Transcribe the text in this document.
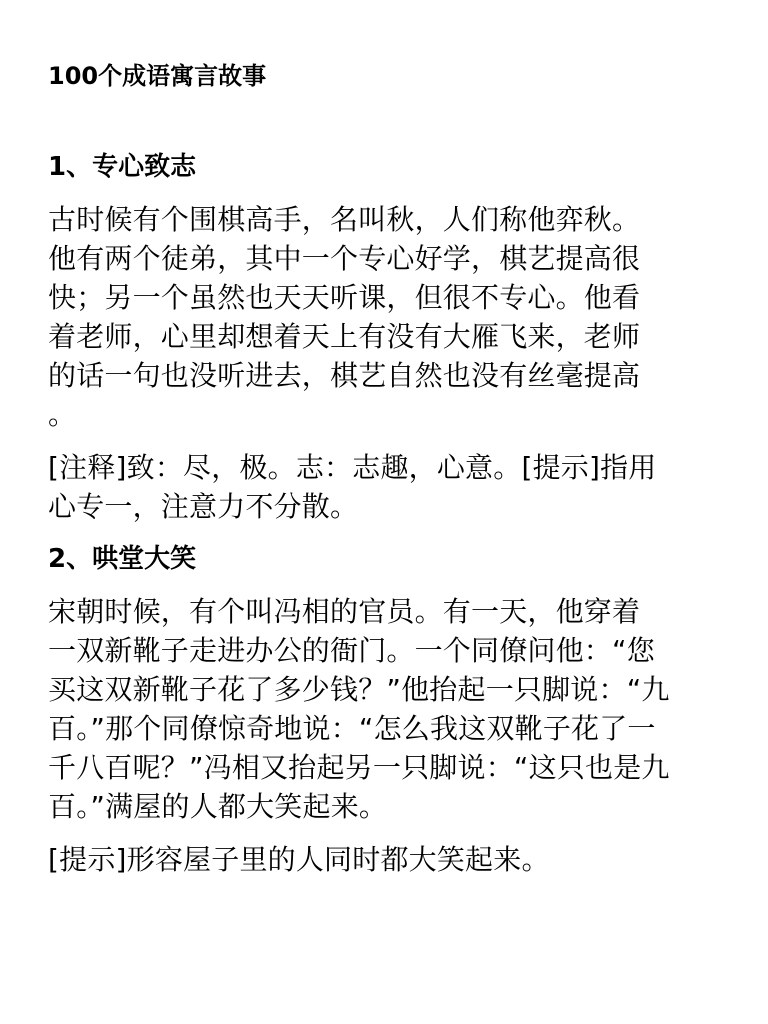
100个成语寓言故事
1、专心致志
古时候有个围棋高手，名叫秋，人们称他弈秋。
他有两个徒弟，其中一个专心好学，棋艺提高很
快；另一个虽然也天天听课，但很不专心。他看
着老师，心里却想着天上有没有大雁飞来，老师
的话一句也没听进去，棋艺自然也没有丝毫提高
。
[注释]致：尽，极。志：志趣，心意。[提示]指用
心专一，注意力不分散。
2、哄堂大笑
宋朝时候，有个叫冯相的官员。有一天，他穿着
一双新靴子走进办公的衙门。一个同僚问他：“您
买这双新靴子花了多少钱？”他抬起一只脚说：“九
百。”那个同僚惊奇地说：“怎么我这双靴子花了一
千八百呢？”冯相又抬起另一只脚说：“这只也是九
百。”满屋的人都大笑起来。
[提示]形容屋子里的人同时都大笑起来。
